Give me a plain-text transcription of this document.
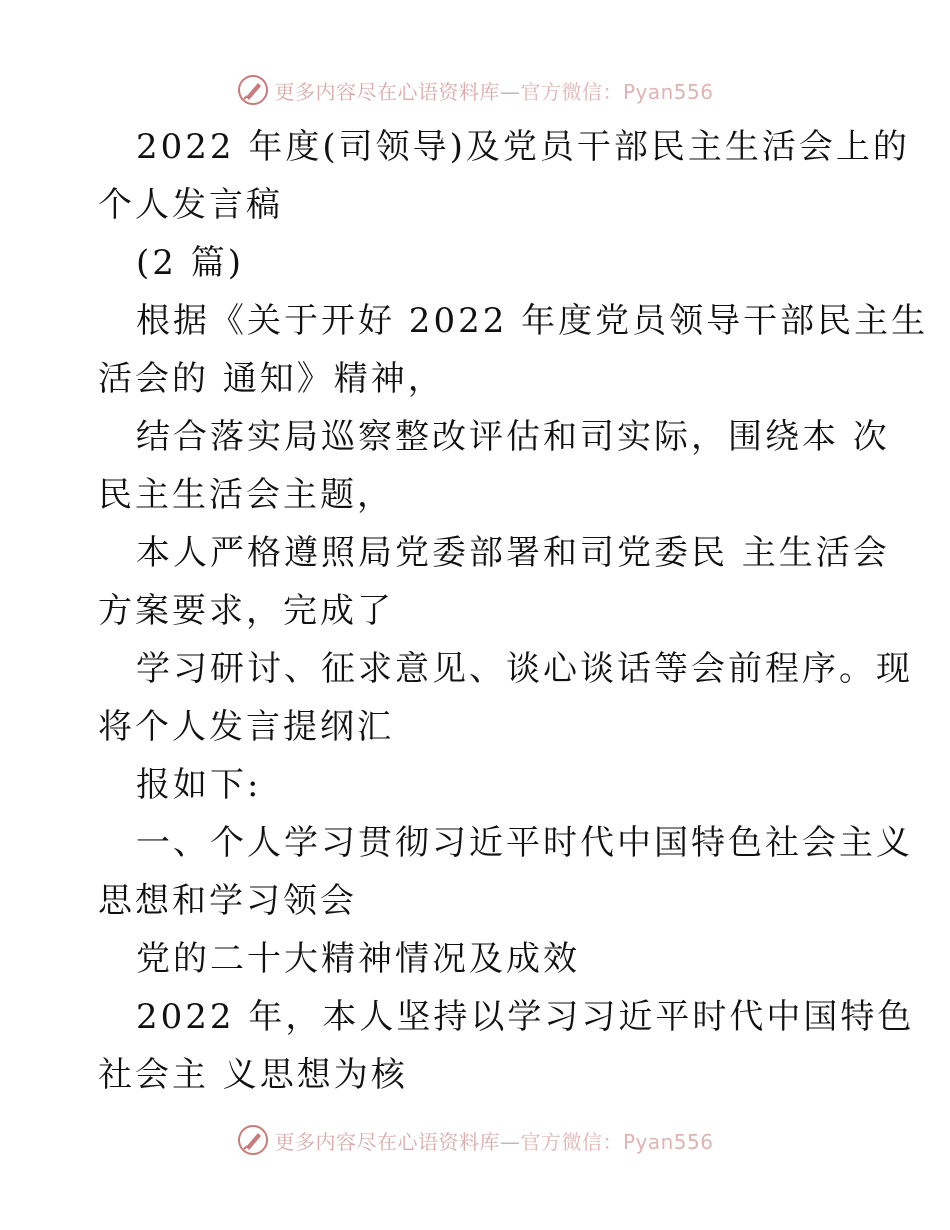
更多内容尽在心语资料库—官方微信：Pyan556
2022 年度(司领导)及党员干部民主生活会上的
个人发言稿
(2 篇)
根据《关于开好 2022 年度党员领导干部民主生
活会的 通知》精神，
结合落实局巡察整改评估和司实际，围绕本 次
民主生活会主题，
本人严格遵照局党委部署和司党委民 主生活会
方案要求，完成了
学习研讨、征求意见、谈心谈话等会前程序。现
将个人发言提纲汇
报如下:
一、个人学习贯彻习近平时代中国特色社会主义
思想和学习领会
党的二十大精神情况及成效
2022 年，本人坚持以学习习近平时代中国特色
社会主 义思想为核
更多内容尽在心语资料库—官方微信：Pyan556
